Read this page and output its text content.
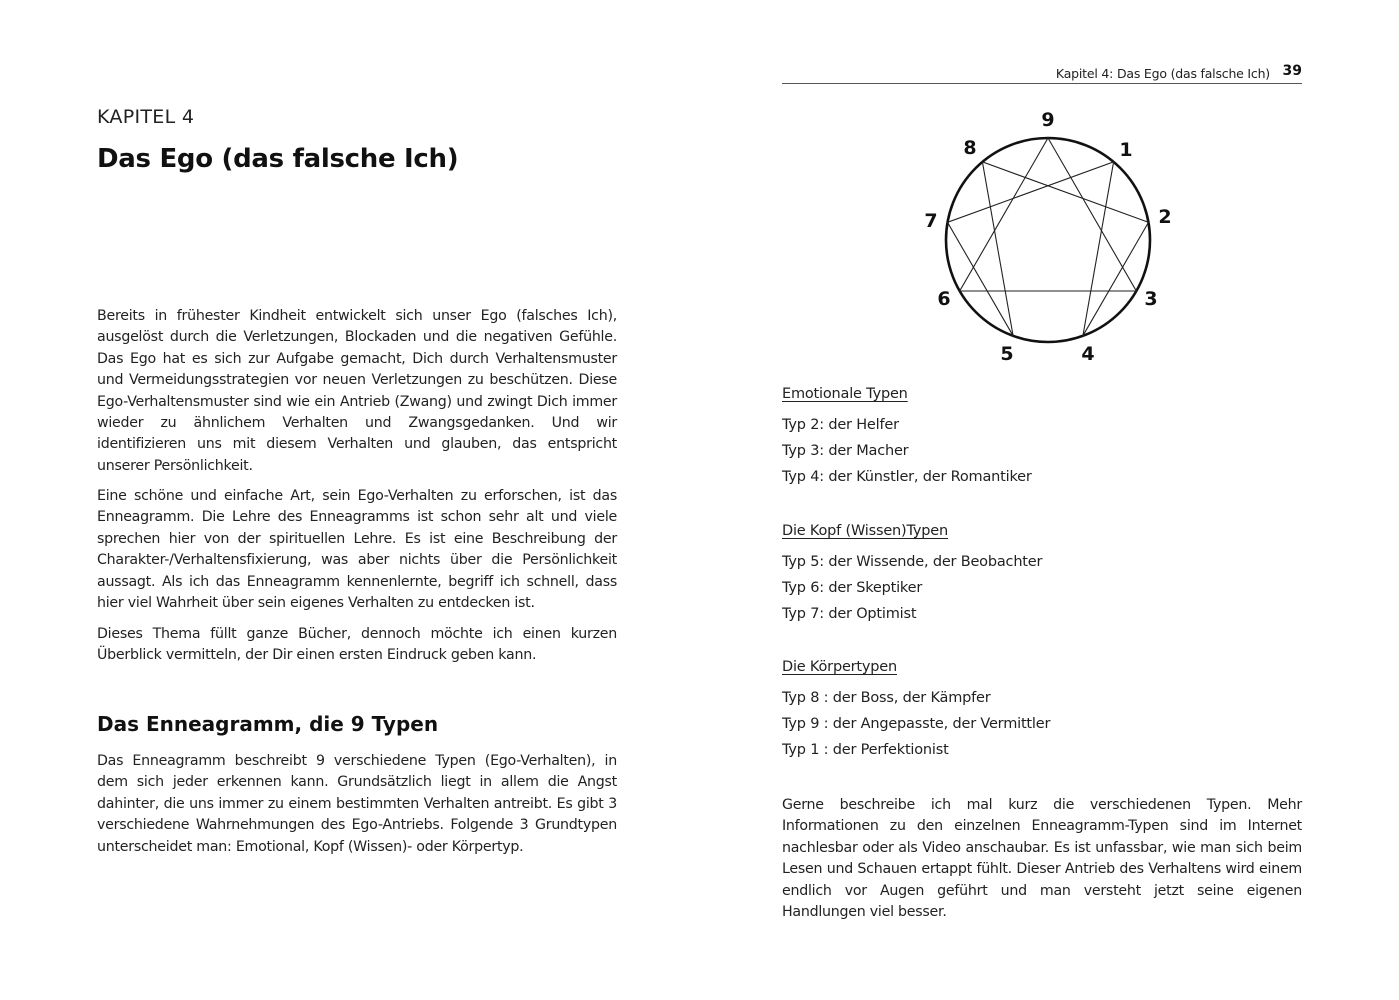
KAPITEL 4
Das Ego (das falsche Ich)

Bereits in frühester Kindheit entwickelt sich unser Ego (falsches Ich), ausgelöst durch die Verletzungen, Blockaden und die negativen Gefühle. Das Ego hat es sich zur Aufgabe gemacht, Dich durch Verhaltensmuster und Vermeidungsstrategien vor neuen Verletzungen zu beschützen. Diese Ego-Verhaltensmuster sind wie ein Antrieb (Zwang) und zwingt Dich immer wieder zu ähnlichem Verhalten und Zwangsgedanken. Und wir identifizieren uns mit diesem Verhalten und glauben, das entspricht unserer Persönlichkeit.

Eine schöne und einfache Art, sein Ego-Verhalten zu erforschen, ist das Enneagramm. Die Lehre des Enneagramms ist schon sehr alt und viele sprechen hier von der spirituellen Lehre. Es ist eine Beschreibung der Charakter-/Verhaltensfixierung, was aber nichts über die Persönlichkeit aussagt. Als ich das Enneagramm kennenlernte, begriff ich schnell, dass hier viel Wahrheit über sein eigenes Verhalten zu entdecken ist.

Dieses Thema füllt ganze Bücher, dennoch möchte ich einen kurzen Überblick vermitteln, der Dir einen ersten Eindruck geben kann.

Das Enneagramm, die 9 Typen

Das Enneagramm beschreibt 9 verschiedene Typen (Ego-Verhalten), in dem sich jeder erkennen kann. Grundsätzlich liegt in allem die Angst dahinter, die uns immer zu einem bestimmten Verhalten antreibt. Es gibt 3 verschiedene Wahrnehmungen des Ego-Antriebs. Folgende 3 Grundtypen unterscheidet man: Emotional, Kopf (Wissen)- oder Körpertyp.

Kapitel 4: Das Ego (das falsche Ich) 39
9
1
2
3
4
5
6
7
8
Emotionale Typen
Typ 2: der Helfer
Typ 3: der Macher
Typ 4: der Künstler, der Romantiker
Die Kopf (Wissen)Typen
Typ 5: der Wissende, der Beobachter
Typ 6: der Skeptiker
Typ 7: der Optimist
Die Körpertypen
Typ 8 : der Boss, der Kämpfer
Typ 9 : der Angepasste, der Vermittler
Typ 1 : der Perfektionist

Gerne beschreibe ich mal kurz die verschiedenen Typen. Mehr Informationen zu den einzelnen Enneagramm-Typen sind im Internet nachlesbar oder als Video anschaubar. Es ist unfassbar, wie man sich beim Lesen und Schauen ertappt fühlt. Dieser Antrieb des Verhaltens wird einem endlich vor Augen geführt und man versteht jetzt seine eigenen Handlungen viel besser.
